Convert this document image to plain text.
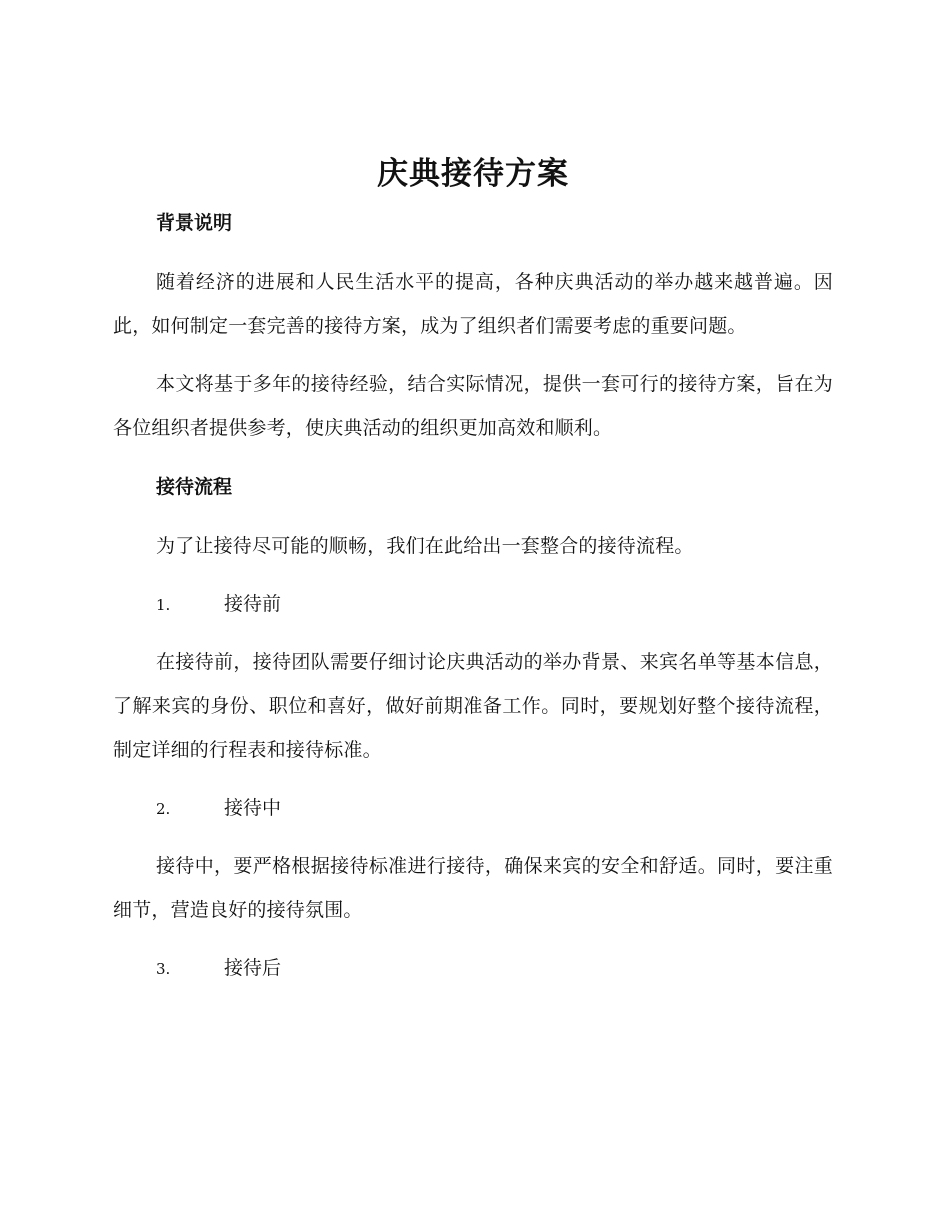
庆典接待方案
背景说明

随着经济的进展和人民生活水平的提高，各种庆典活动的举办越来越普遍。因此，如何制定一套完善的接待方案，成为了组织者们需要考虑的重要问题。

本文将基于多年的接待经验，结合实际情况，提供一套可行的接待方案，旨在为各位组织者提供参考，使庆典活动的组织更加高效和顺利。

接待流程

为了让接待尽可能的顺畅，我们在此给出一套整合的接待流程。

1.	接待前

在接待前，接待团队需要仔细讨论庆典活动的举办背景、来宾名单等基本信息，了解来宾的身份、职位和喜好，做好前期准备工作。同时，要规划好整个接待流程，制定详细的行程表和接待标准。

2.	接待中

接待中，要严格根据接待标准进行接待，确保来宾的安全和舒适。同时，要注重细节，营造良好的接待氛围。

3.	接待后
